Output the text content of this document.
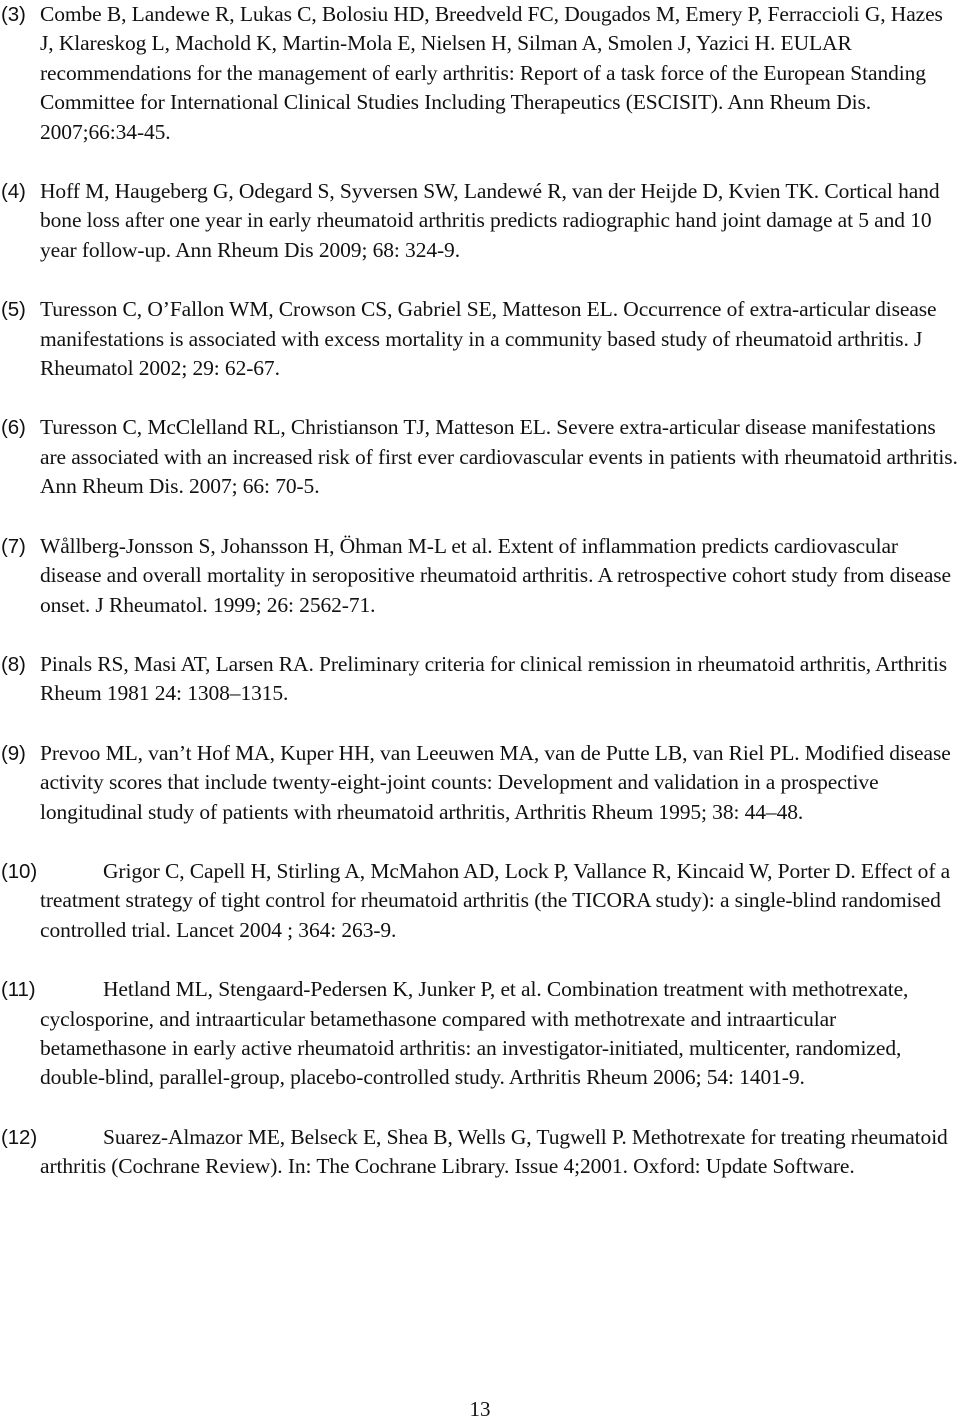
(3) Combe B, Landewe R, Lukas C, Bolosiu HD, Breedveld FC, Dougados M, Emery P, Ferraccioli G, Hazes J, Klareskog L, Machold K, Martin-Mola E, Nielsen H, Silman A, Smolen J, Yazici H. EULAR recommendations for the management of early arthritis: Report of a task force of the European Standing Committee for International Clinical Studies Including Therapeutics (ESCISIT). Ann Rheum Dis. 2007;66:34-45.
(4) Hoff M, Haugeberg G, Odegard S, Syversen SW, Landewé R, van der Heijde D, Kvien TK. Cortical hand bone loss after one year in early rheumatoid arthritis predicts radiographic hand joint damage at 5 and 10 year follow-up. Ann Rheum Dis 2009; 68: 324-9.
(5) Turesson C, O’Fallon WM, Crowson CS, Gabriel SE, Matteson EL. Occurrence of extra-articular disease manifestations is associated with excess mortality in a community based study of rheumatoid arthritis. J Rheumatol 2002; 29: 62-67.
(6) Turesson C, McClelland RL, Christianson TJ, Matteson EL. Severe extra-articular disease manifestations are associated with an increased risk of first ever cardiovascular events in patients with rheumatoid arthritis. Ann Rheum Dis. 2007; 66: 70-5.
(7) Wållberg-Jonsson S, Johansson H, Öhman M-L et al. Extent of inflammation predicts cardiovascular disease and overall mortality in seropositive rheumatoid arthritis. A retrospective cohort study from disease onset. J Rheumatol. 1999; 26: 2562-71.
(8) Pinals RS, Masi AT, Larsen RA. Preliminary criteria for clinical remission in rheumatoid arthritis, Arthritis Rheum 1981 24: 1308–1315.
(9) Prevoo ML, van’t Hof MA, Kuper HH, van Leeuwen MA, van de Putte LB, van Riel PL. Modified disease activity scores that include twenty-eight-joint counts: Development and validation in a prospective longitudinal study of patients with rheumatoid arthritis, Arthritis Rheum 1995; 38: 44–48.
(10)	Grigor C, Capell H, Stirling A, McMahon AD, Lock P, Vallance R, Kincaid W, Porter D. Effect of a treatment strategy of tight control for rheumatoid arthritis (the TICORA study): a single-blind randomised controlled trial. Lancet 2004 ; 364: 263-9.
(11)	Hetland ML, Stengaard-Pedersen K, Junker P, et al. Combination treatment with methotrexate, cyclosporine, and intraarticular betamethasone compared with methotrexate and intraarticular betamethasone in early active rheumatoid arthritis: an investigator-initiated, multicenter, randomized, double-blind, parallel-group, placebo-controlled study. Arthritis Rheum 2006; 54: 1401-9.
(12)	Suarez-Almazor ME, Belseck E, Shea B, Wells G, Tugwell P. Methotrexate for treating rheumatoid arthritis (Cochrane Review). In: The Cochrane Library. Issue 4;2001. Oxford: Update Software.
13
